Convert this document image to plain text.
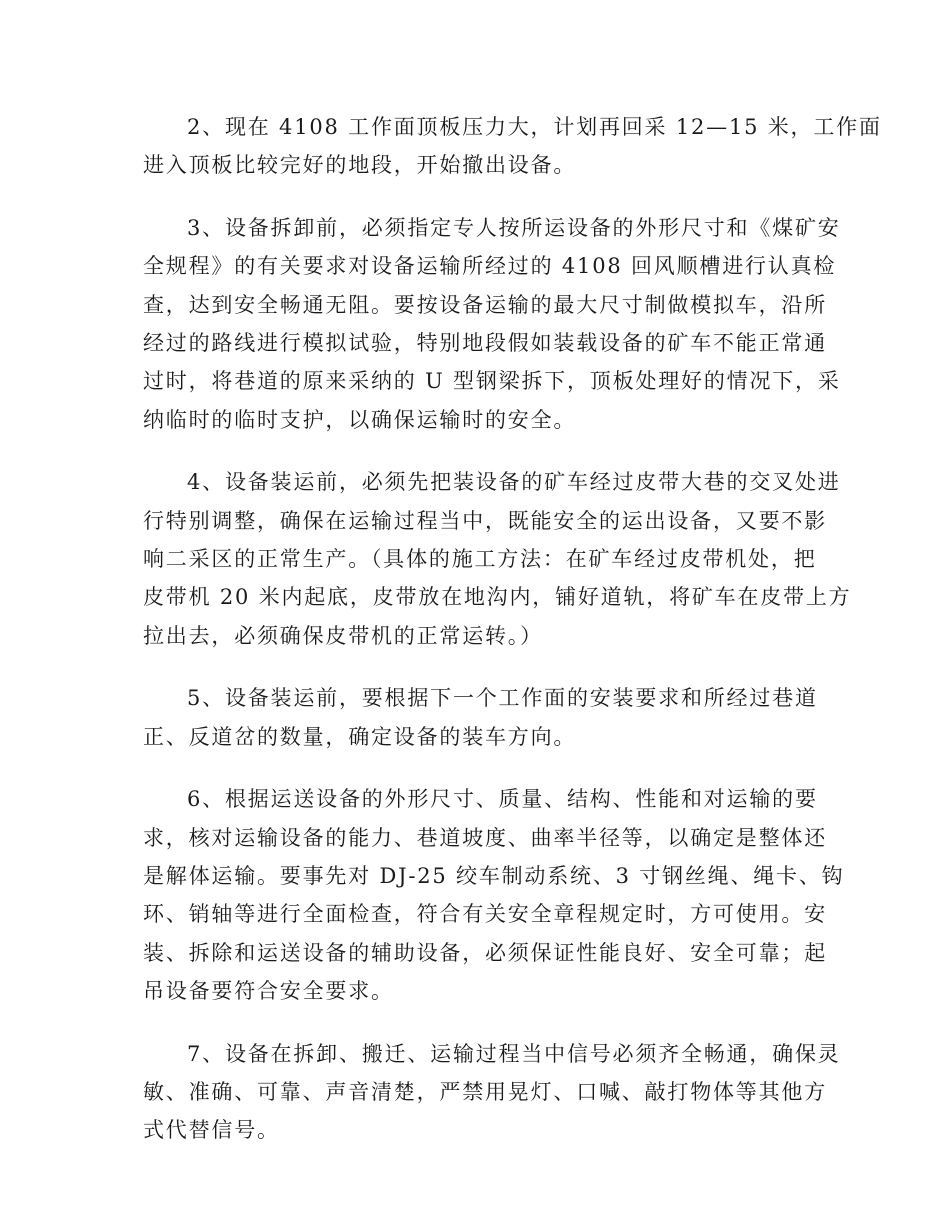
2、现在 4108 工作面顶板压力大，计划再回采 12—15 米，工作面
进入顶板比较完好的地段，开始撤出设备。

3、设备拆卸前，必须指定专人按所运设备的外形尺寸和《煤矿安
全规程》的有关要求对设备运输所经过的 4108 回风顺槽进行认真检
查，达到安全畅通无阻。要按设备运输的最大尺寸制做模拟车，沿所
经过的路线进行模拟试验，特别地段假如装载设备的矿车不能正常通
过时，将巷道的原来采纳的 U 型钢梁拆下，顶板处理好的情况下，采
纳临时的临时支护，以确保运输时的安全。

4、设备装运前，必须先把装设备的矿车经过皮带大巷的交叉处进
行特别调整，确保在运输过程当中，既能安全的运出设备，又要不影
响二采区的正常生产。（具体的施工方法：在矿车经过皮带机处，把
皮带机 20 米内起底，皮带放在地沟内，铺好道轨，将矿车在皮带上方
拉出去，必须确保皮带机的正常运转。）

5、设备装运前，要根据下一个工作面的安装要求和所经过巷道
正、反道岔的数量，确定设备的装车方向。

6、根据运送设备的外形尺寸、质量、结构、性能和对运输的要
求，核对运输设备的能力、巷道坡度、曲率半径等，以确定是整体还
是解体运输。要事先对 DJ-25 绞车制动系统、3 寸钢丝绳、绳卡、钩
环、销轴等进行全面检查，符合有关安全章程规定时，方可使用。安
装、拆除和运送设备的辅助设备，必须保证性能良好、安全可靠；起
吊设备要符合安全要求。

7、设备在拆卸、搬迁、运输过程当中信号必须齐全畅通，确保灵
敏、准确、可靠、声音清楚，严禁用晃灯、口喊、敲打物体等其他方
式代替信号。
